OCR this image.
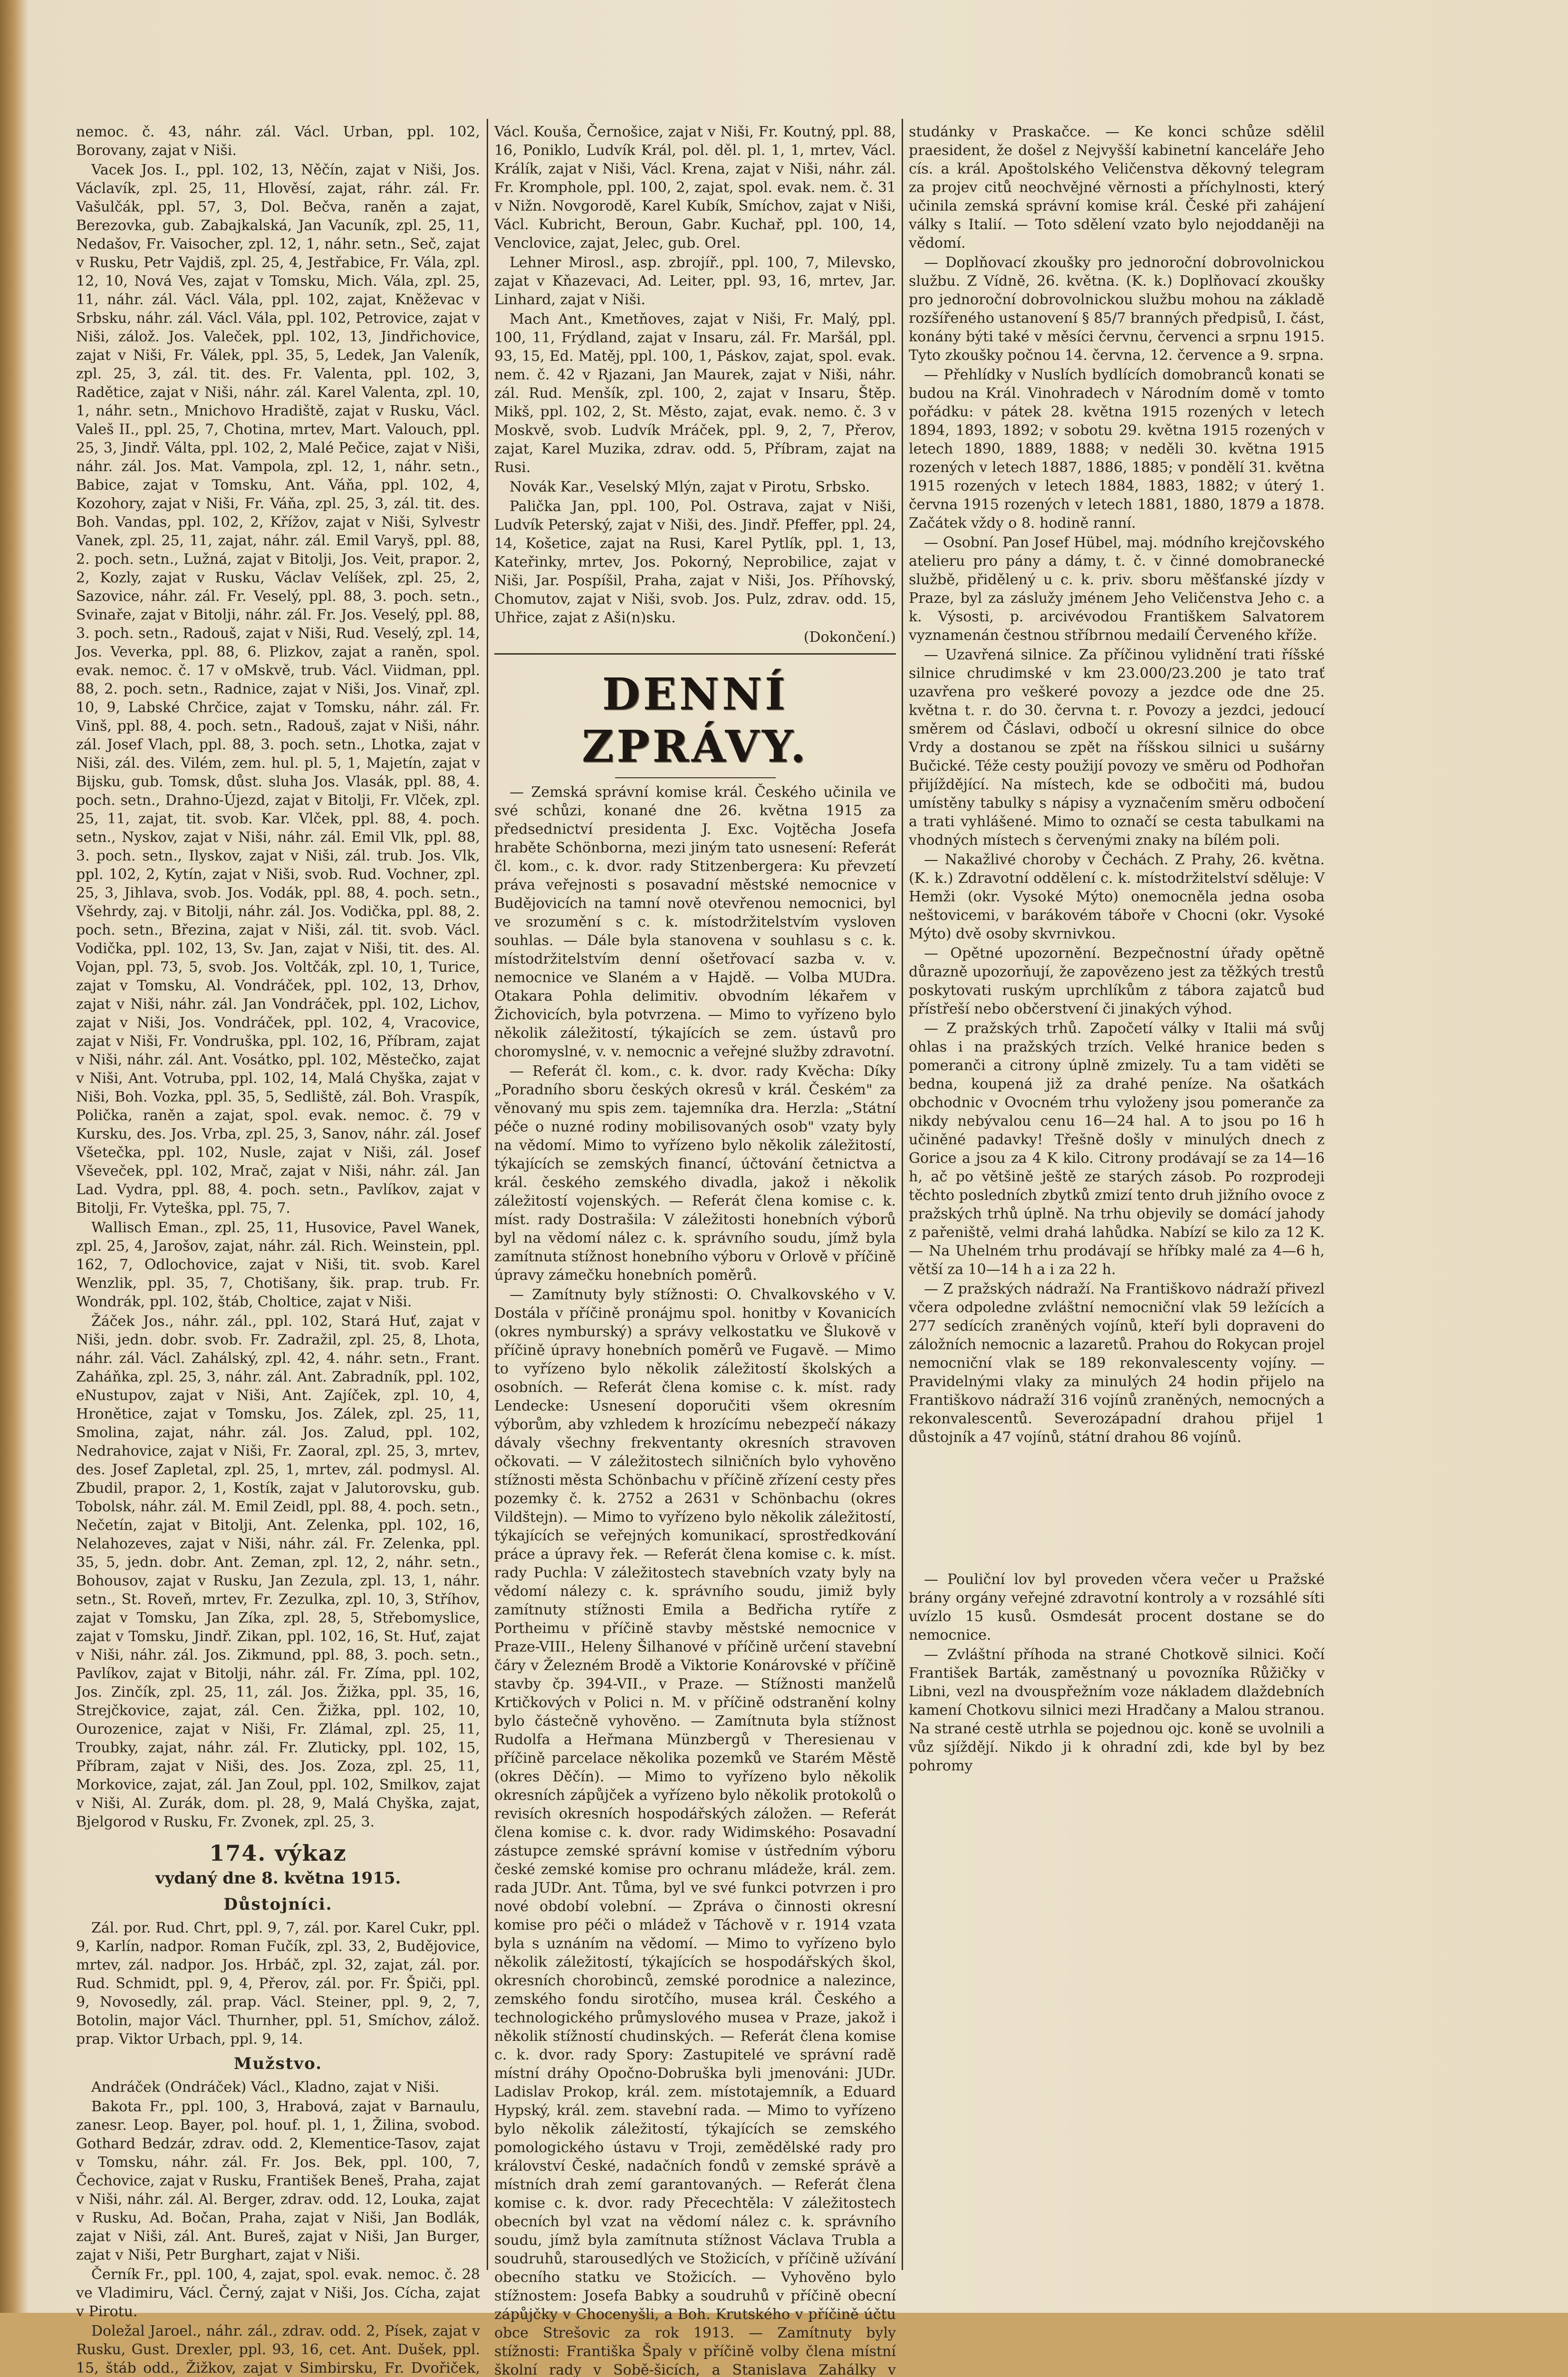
nemoc. č. 43, náhr. zál. Václ. Urban, ppl. 102, Borovany, zajat v Niši.

Vacek Jos. I., ppl. 102, 13, Něčín, zajat v Niši, Jos. Václavík, zpl. 25, 11, Hlověsí, zajat, ráhr. zál. Fr. Vašulčák, ppl. 57, 3, Dol. Bečva, raněn a zajat, Berezovka, gub. Zabajkalská, Jan Vacuník, zpl. 25, 11, Nedašov, Fr. Vaisocher, zpl. 12, 1, náhr. setn., Seč, zajat v Rusku, Petr Vajdiš, zpl. 25, 4, Jestřabice, Fr. Vála, zpl. 12, 10, Nová Ves, zajat v Tomsku, Mich. Vála, zpl. 25, 11, náhr. zál. Václ. Vála, ppl. 102, zajat, Kněževac v Srbsku, náhr. zál. Václ. Vála, ppl. 102, Petrovice, zajat v Niši, zálož. Jos. Valeček, ppl. 102, 13, Jindřichovice, zajat v Niši, Fr. Válek, ppl. 35, 5, Ledek, Jan Valeník, zpl. 25, 3, zál. tit. des. Fr. Valenta, ppl. 102, 3, Radětice, zajat v Niši, náhr. zál. Karel Valenta, zpl. 10, 1, náhr. setn., Mnichovo Hradiště, zajat v Rusku, Václ. Valeš II., ppl. 25, 7, Chotina, mrtev, Mart. Valouch, ppl. 25, 3, Jindř. Válta, ppl. 102, 2, Malé Pečice, zajat v Niši, náhr. zál. Jos. Mat. Vampola, zpl. 12, 1, náhr. setn., Babice, zajat v Tomsku, Ant. Váňa, ppl. 102, 4, Kozohory, zajat v Niši, Fr. Váňa, zpl. 25, 3, zál. tit. des. Boh. Vandas, ppl. 102, 2, Křížov, zajat v Niši, Sylvestr Vanek, zpl. 25, 11, zajat, náhr. zál. Emil Varyš, ppl. 88, 2. poch. setn., Lužná, zajat v Bitolji, Jos. Veit, prapor. 2, 2, Kozly, zajat v Rusku, Václav Velíšek, zpl. 25, 2, Sazovice, náhr. zál. Fr. Veselý, ppl. 88, 3. poch. setn., Svinaře, zajat v Bitolji, náhr. zál. Fr. Jos. Veselý, ppl. 88, 3. poch. setn., Radouš, zajat v Niši, Rud. Veselý, zpl. 14, Jos. Veverka, ppl. 88, 6. Plizkov, zajat a raněn, spol. evak. nemoc. č. 17 v oMskvě, trub. Václ. Viidman, ppl. 88, 2. poch. setn., Radnice, zajat v Niši, Jos. Vinař, zpl. 10, 9, Labské Chrčice, zajat v Tomsku, náhr. zál. Fr. Vinš, ppl. 88, 4. poch. setn., Radouš, zajat v Niši, náhr. zál. Josef Vlach, ppl. 88, 3. poch. setn., Lhotka, zajat v Niši, zál. des. Vilém, zem. hul. pl. 5, 1, Majetín, zajat v Bijsku, gub. Tomsk, důst. sluha Jos. Vlasák, ppl. 88, 4. poch. setn., Drahno-Újezd, zajat v Bitolji, Fr. Vlček, zpl. 25, 11, zajat, tit. svob. Kar. Vlček, ppl. 88, 4. poch. setn., Nyskov, zajat v Niši, náhr. zál. Emil Vlk, ppl. 88, 3. poch. setn., Ilyskov, zajat v Niši, zál. trub. Jos. Vlk, ppl. 102, 2, Kytín, zajat v Niši, svob. Rud. Vochner, zpl. 25, 3, Jihlava, svob. Jos. Vodák, ppl. 88, 4. poch. setn., Všehrdy, zaj. v Bitolji, náhr. zál. Jos. Vodička, ppl. 88, 2. poch. setn., Březina, zajat v Niši, zál. tit. svob. Václ. Vodička, ppl. 102, 13, Sv. Jan, zajat v Niši, tit. des. Al. Vojan, ppl. 73, 5, svob. Jos. Voltčák, zpl. 10, 1, Turice, zajat v Tomsku, Al. Vondráček, ppl. 102, 13, Drhov, zajat v Niši, náhr. zál. Jan Vondráček, ppl. 102, Lichov, zajat v Niši, Jos. Vondráček, ppl. 102, 4, Vracovice, zajat v Niši, Fr. Vondruška, ppl. 102, 16, Příbram, zajat v Niši, náhr. zál. Ant. Vosátko, ppl. 102, Městečko, zajat v Niši, Ant. Votruba, ppl. 102, 14, Malá Chyška, zajat v Niši, Boh. Vozka, ppl. 35, 5, Sedliště, zál. Boh. Vraspík, Polička, raněn a zajat, spol. evak. nemoc. č. 79 v Kursku, des. Jos. Vrba, zpl. 25, 3, Sanov, náhr. zál. Josef Všetečka, ppl. 102, Nusle, zajat v Niši, zál. Josef Vševeček, ppl. 102, Mrač, zajat v Niši, náhr. zál. Jan Lad. Vydra, ppl. 88, 4. poch. setn., Pavlíkov, zajat v Bitolji, Fr. Vyteška, ppl. 75, 7.

Wallisch Eman., zpl. 25, 11, Husovice, Pavel Wanek, zpl. 25, 4, Jarošov, zajat, náhr. zál. Rich. Weinstein, ppl. 162, 7, Odlochovice, zajat v Niši, tit. svob. Karel Wenzlik, ppl. 35, 7, Chotišany, šik. prap. trub. Fr. Wondrák, ppl. 102, štáb, Choltice, zajat v Niši.

Žáček Jos., náhr. zál., ppl. 102, Stará Huť, zajat v Niši, jedn. dobr. svob. Fr. Zadražil, zpl. 25, 8, Lhota, náhr. zál. Václ. Zahálský, zpl. 42, 4. náhr. setn., Frant. Zaháňka, zpl. 25, 3, náhr. zál. Ant. Zabradník, ppl. 102, eNustupov, zajat v Niši, Ant. Zajíček, zpl. 10, 4, Hronětice, zajat v Tomsku, Jos. Zálek, zpl. 25, 11, Smolina, zajat, náhr. zál. Jos. Zalud, ppl. 102, Nedrahovice, zajat v Niši, Fr. Zaoral, zpl. 25, 3, mrtev, des. Josef Zapletal, zpl. 25, 1, mrtev, zál. podmysl. Al. Zbudil, prapor. 2, 1, Kostík, zajat v Jalutorovsku, gub. Tobolsk, náhr. zál. M. Emil Zeidl, ppl. 88, 4. poch. setn., Nečetín, zajat v Bitolji, Ant. Zelenka, ppl. 102, 16, Nelahozeves, zajat v Niši, náhr. zál. Fr. Zelenka, ppl. 35, 5, jedn. dobr. Ant. Zeman, zpl. 12, 2, náhr. setn., Bohousov, zajat v Rusku, Jan Zezula, zpl. 13, 1, náhr. setn., St. Roveň, mrtev, Fr. Zezulka, zpl. 10, 3, Stříhov, zajat v Tomsku, Jan Zíka, zpl. 28, 5, Střebomyslice, zajat v Tomsku, Jindř. Zikan, ppl. 102, 16, St. Huť, zajat v Niši, náhr. zál. Jos. Zikmund, ppl. 88, 3. poch. setn., Pavlíkov, zajat v Bitolji, náhr. zál. Fr. Zíma, ppl. 102, Jos. Zinčík, zpl. 25, 11, zál. Jos. Žižka, ppl. 35, 16, Strejčkovice, zajat, zál. Cen. Žižka, ppl. 102, 10, Ourozenice, zajat v Niši, Fr. Zlámal, zpl. 25, 11, Troubky, zajat, náhr. zál. Fr. Zluticky, ppl. 102, 15, Příbram, zajat v Niši, des. Jos. Zoza, zpl. 25, 11, Morkovice, zajat, zál. Jan Zoul, ppl. 102, Smilkov, zajat v Niši, Al. Zurák, dom. pl. 28, 9, Malá Chyška, zajat, Bjelgorod v Rusku, Fr. Zvonek, zpl. 25, 3.

174. výkaz

vydaný dne 8. května 1915.

Důstojníci.

Zál. por. Rud. Chrt, ppl. 9, 7, zál. por. Karel Cukr, ppl. 9, Karlín, nadpor. Roman Fučík, zpl. 33, 2, Budějovice, mrtev, zál. nadpor. Jos. Hrbáč, zpl. 32, zajat, zál. por. Rud. Schmidt, ppl. 9, 4, Přerov, zál. por. Fr. Špiči, ppl. 9, Novosedly, zál. prap. Václ. Steiner, ppl. 9, 2, 7, Botolin, major Václ. Thurnher, ppl. 51, Smíchov, zálož. prap. Viktor Urbach, ppl. 9, 14.

Mužstvo.

Andráček (Ondráček) Václ., Kladno, zajat v Niši.

Bakota Fr., ppl. 100, 3, Hrabová, zajat v Barnaulu, zanesr. Leop. Bayer, pol. houf. pl. 1, 1, Žilina, svobod. Gothard Bedzár, zdrav. odd. 2, Klementice-Tasov, zajat v Tomsku, náhr. zál. Fr. Jos. Bek, ppl. 100, 7, Čechovice, zajat v Rusku, František Beneš, Praha, zajat v Niši, náhr. zál. Al. Berger, zdrav. odd. 12, Louka, zajat v Rusku, Ad. Bočan, Praha, zajat v Niši, Jan Bodlák, zajat v Niši, zál. Ant. Bureš, zajat v Niši, Jan Burger, zajat v Niši, Petr Burghart, zajat v Niši.

Černík Fr., ppl. 100, 4, zajat, spol. evak. nemoc. č. 28 ve Vladimiru, Václ. Černý, zajat v Niši, Jos. Cícha, zajat v Pirotu.

Doležal Jaroel., náhr. zál., zdrav. odd. 2, Písek, zajat v Rusku, Gust. Drexler, ppl. 93, 16, cet. Ant. Dušek, ppl. 15, štáb odd., Žižkov, zajat v Simbirsku, Fr. Dvořiček,

Václ. Kouša, Černošice, zajat v Niši, Fr. Koutný, ppl. 88, 16, Poniklo, Ludvík Král, pol. děl. pl. 1, 1, mrtev, Václ. Králík, zajat v Niši, Václ. Krena, zajat v Niši, náhr. zál. Fr. Kromphole, ppl. 100, 2, zajat, spol. evak. nem. č. 31 v Nižn. Novgorodě, Karel Kubík, Smíchov, zajat v Niši, Václ. Kubricht, Beroun, Gabr. Kuchař, ppl. 100, 14, Venclovice, zajat, Jelec, gub. Orel.

Lehner Mirosl., asp. zbrojíř., ppl. 100, 7, Milevsko, zajat v Kňazevaci, Ad. Leiter, ppl. 93, 16, mrtev, Jar. Linhard, zajat v Niši.

Mach Ant., Kmetňoves, zajat v Niši, Fr. Malý, ppl. 100, 11, Frýdland, zajat v Insaru, zál. Fr. Maršál, ppl. 93, 15, Ed. Matěj, ppl. 100, 1, Páskov, zajat, spol. evak. nem. č. 42 v Rjazani, Jan Maurek, zajat v Niši, náhr. zál. Rud. Menšík, zpl. 100, 2, zajat v Insaru, Štěp. Mikš, ppl. 102, 2, St. Město, zajat, evak. nemo. č. 3 v Moskvě, svob. Ludvík Mráček, ppl. 9, 2, 7, Přerov, zajat, Karel Muzika, zdrav. odd. 5, Příbram, zajat na Rusi.

Novák Kar., Veselský Mlýn, zajat v Pirotu, Srbsko.

Palička Jan, ppl. 100, Pol. Ostrava, zajat v Niši, Ludvík Peterský, zajat v Niši, des. Jindř. Pfeffer, ppl. 24, 14, Košetice, zajat na Rusi, Karel Pytlík, ppl. 1, 13, Kateřinky, mrtev, Jos. Pokorný, Neprobilice, zajat v Niši, Jar. Pospíšil, Praha, zajat v Niši, Jos. Příhovský, Chomutov, zajat v Niši, svob. Jos. Pulz, zdrav. odd. 15, Uhřice, zajat z Aši(n)sku.

(Dokončení.)

DENNÍ ZPRÁVY.

— Zemská správní komise král. Českého učinila ve své schůzi, konané dne 26. května 1915 za předsednictví presidenta J. Exc. Vojtěcha Josefa hraběte Schönborna, mezi jiným tato usnesení: Referát čl. kom., c. k. dvor. rady Stitzenbergera: Ku převzetí práva veřejnosti s posavadní městské nemocnice v Budějovicích na tamní nově otevřenou nemocnici, byl ve srozumění s c. k. místodržitelstvím vysloven souhlas. — Dále byla stanovena v souhlasu s c. k. místodržitelstvím denní ošetřovací sazba v. v. nemocnice ve Slaném a v Hajdě. — Volba MUDra. Otakara Pohla delimitiv. obvodním lékařem v Žichovicích, byla potvrzena. — Mimo to vyřízeno bylo několik záležitostí, týkajících se zem. ústavů pro choromyslné, v. v. nemocnic a veřejné služby zdravotní.

— Referát čl. kom., c. k. dvor. rady Kvěcha: Díky „Poradního sboru českých okresů v král. Českém" za věnovaný mu spis zem. tajemníka dra. Herzla: „Státní péče o nuzné rodiny mobilisovaných osob" vzaty byly na vědomí. Mimo to vyřízeno bylo několik záležitostí, týkajících se zemských financí, účtování četnictva a král. českého zemského divadla, jakož i několik záležitostí vojenských. — Referát člena komise c. k. míst. rady Dostrašila: V záležitosti honebních výborů byl na vědomí nález c. k. správního soudu, jímž byla zamítnuta stížnost honebního výboru v Orlově v příčině úpravy zámečku honebních poměrů.

— Zamítnuty byly stížnosti: O. Chvalkovského v V. Dostála v příčině pronájmu spol. honitby v Kovanicích (okres nymburský) a správy velkostatku ve Šlukově v příčině úpravy honebních poměrů ve Fugavě. — Mimo to vyřízeno bylo několik záležitostí školských a osobních. — Referát člena komise c. k. míst. rady Lendecke: Usnesení doporučiti všem okresním výborům, aby vzhledem k hrozícímu nebezpečí nákazy dávaly všechny frekventanty okresních stravoven očkovati. — V záležitostech silničních bylo vyhověno stížnosti města Schönbachu v příčině zřízení cesty přes pozemky č. k. 2752 a 2631 v Schönbachu (okres Vildštejn). — Mimo to vyřízeno bylo několik záležitostí, týkajících se veřejných komunikací, sprostředkování práce a úpravy řek. — Referát člena komise c. k. míst. rady Puchla: V záležitostech stavebních vzaty byly na vědomí nálezy c. k. správního soudu, jimiž byly zamítnuty stížnosti Emila a Bedřicha rytíře z Portheimu v příčině stavby městské nemocnice v Praze-VIII., Heleny Šilhanové v příčině určení stavební čáry v Železném Brodě a Viktorie Konárovské v příčině stavby čp. 394-VII., v Praze. — Stížnosti manželů Krtičkových v Polici n. M. v příčině odstranění kolny bylo částečně vyhověno. — Zamítnuta byla stížnost Rudolfa a Heřmana Münzbergů v Theresienau v příčině parcelace několika pozemků ve Starém Městě (okres Děčín). — Mimo to vyřízeno bylo několik okresních zápůjček a vyřízeno bylo několik protokolů o revisích okresních hospodářských záložen. — Referát člena komise c. k. dvor. rady Widimského: Posavadní zástupce zemské správní komise v ústředním výboru české zemské komise pro ochranu mládeže, král. zem. rada JUDr. Ant. Tůma, byl ve své funkci potvrzen i pro nové období volební. — Zpráva o činnosti okresní komise pro péči o mládež v Táchově v r. 1914 vzata byla s uznáním na vědomí. — Mimo to vyřízeno bylo několik záležitostí, týkajících se hospodářských škol, okresních chorobinců, zemské porodnice a nalezince, zemského fondu sirotčího, musea král. Českého a technologického průmyslového musea v Praze, jakož i několik stížností chudinských. — Referát člena komise c. k. dvor. rady Spory: Zastupitelé ve správní radě místní dráhy Opočno-Dobruška byli jmenováni: JUDr. Ladislav Prokop, král. zem. místotajemník, a Eduard Hypský, král. zem. stavební rada. — Mimo to vyřízeno bylo několik záležitostí, týkajících se zemského pomologického ústavu v Troji, zemědělské rady pro království České, nadačních fondů v zemské správě a místních drah zemí garantovaných. — Referát člena komise c. k. dvor. rady Přecechtěla: V záležitostech obecních byl vzat na vědomí nález c. k. správního soudu, jímž byla zamítnuta stížnost Václava Trubla a soudruhů, starousedlých ve Stožicích, v příčině užívání obecního statku ve Stožicích. — Vyhověno bylo stížnostem: Josefa Babky a soudruhů v příčině obecní zápůjčky v Chocenyšli, a Boh. Krutského v příčině účtu obce Strešovic za rok 1913. — Zamítnuty byly stížnosti: Františka Špaly v příčině volby člena místní školní rady v Sobě-šicích, a Stanislava Zahálky v

studánky v Praskačce. — Ke konci schůze sdělil praesident, že došel z Nejvyšší kabinetní kanceláře Jeho cís. a král. Apoštolského Veličenstva děkovný telegram za projev citů neochvějné věrnosti a příchylnosti, který učinila zemská správní komise král. České při zahájení války s Italií. — Toto sdělení vzato bylo nejoddaněji na vědomí.

— Doplňovací zkoušky pro jednoroční dobrovolnickou službu. Z Vídně, 26. května. (K. k.) Doplňovací zkoušky pro jednoroční dobrovolnickou službu mohou na základě rozšířeného ustanovení § 85/7 branných předpisů, I. část, konány býti také v měsíci červnu, červenci a srpnu 1915. Tyto zkoušky počnou 14. června, 12. července a 9. srpna.

— Přehlídky v Nuslích bydlících domobranců konati se budou na Král. Vinohradech v Národním domě v tomto pořádku: v pátek 28. května 1915 rozených v letech 1894, 1893, 1892; v sobotu 29. května 1915 rozených v letech 1890, 1889, 1888; v neděli 30. května 1915 rozených v letech 1887, 1886, 1885; v pondělí 31. května 1915 rozených v letech 1884, 1883, 1882; v úterý 1. června 1915 rozených v letech 1881, 1880, 1879 a 1878. Začátek vždy o 8. hodině ranní.

— Osobní. Pan Josef Hübel, maj. módního krejčovského atelieru pro pány a dámy, t. č. v činné domobranecké službě, přidělený u c. k. priv. sboru měšťanské jízdy v Praze, byl za záslužy jménem Jeho Veličenstva Jeho c. a k. Výsosti, p. arcivévodou Františkem Salvatorem vyznamenán čestnou stříbrnou medailí Červeného kříže.

— Uzavřená silnice. Za příčinou vylidnění trati říšské silnice chrudimské v km 23.000/23.200 je tato trať uzavřena pro veškeré povozy a jezdce ode dne 25. května t. r. do 30. června t. r. Povozy a jezdci, jedoucí směrem od Čáslavi, odbočí u okresní silnice do obce Vrdy a dostanou se zpět na říšskou silnici u sušárny Bučické. Téže cesty použijí povozy ve směru od Podhořan přijíždějící. Na místech, kde se odbočiti má, budou umístěny tabulky s nápisy a vyznačením směru odbočení a trati vyhlášené. Mimo to označí se cesta tabulkami na vhodných místech s červenými znaky na bílém poli.

— Nakažlivé choroby v Čechách. Z Prahy, 26. května. (K. k.) Zdravotní oddělení c. k. místodržitelství sděluje: V Hemži (okr. Vysoké Mýto) onemocněla jedna osoba neštovicemi, v barákovém táboře v Chocni (okr. Vysoké Mýto) dvě osoby skvrnivkou.

— Opětné upozornění. Bezpečnostní úřady opětně důrazně upozorňují, že zapovězeno jest za těžkých trestů poskytovati ruským uprchlíkům z tábora zajatců bud přístřeší nebo občerstvení či jinakých výhod.

— Z pražských trhů. Započetí války v Italii má svůj ohlas i na pražských trzích. Velké hranice beden s pomeranči a citrony úplně zmizely. Tu a tam viděti se bedna, koupená již za drahé peníze. Na ošatkách obchodnic v Ovocném trhu vyloženy jsou pomeranče za nikdy nebývalou cenu 16—24 hal. A to jsou po 16 h učiněné padavky! Třešně došly v minulých dnech z Gorice a jsou za 4 K kilo. Citrony prodávají se za 14—16 h, ač po většině ještě ze starých zásob. Po rozprodeji těchto posledních zbytků zmizí tento druh jižního ovoce z pražských trhů úplně. Na trhu objevily se domácí jahody z pařeniště, velmi drahá lahůdka. Nabízí se kilo za 12 K. — Na Uhelném trhu prodávají se hříbky malé za 4—6 h, větší za 10—14 h a i za 22 h.

— Z pražských nádraží. Na Františkovo nádraží přivezl včera odpoledne zvláštní nemocniční vlak 59 ležících a 277 sedících zraněných vojínů, kteří byli dopraveni do záložních nemocnic a lazaretů. Prahou do Rokycan projel nemocniční vlak se 189 rekonvalescenty vojíny. — Pravidelnými vlaky za minulých 24 hodin přijelo na Františkovo nádraží 316 vojínů zraněných, nemocných a rekonvalescentů. Severozápadní drahou přijel 1 důstojník a 47 vojínů, státní drahou 86 vojínů.

— Pouliční lov byl proveden včera večer u Pražské brány orgány veřejné zdravotní kontroly a v rozsáhlé síti uvízlo 15 kusů. Osmdesát procent dostane se do nemocnice.

— Zvláštní příhoda na strané Chotkově silnici. Kočí František Barták, zaměstnaný u povozníka Růžičky v Libni, vezl na dvouspřežním voze nákladem dlaždebních kamení Chotkovu silnici mezi Hradčany a Malou stranou. Na strané cestě utrhla se pojednou ojc. koně se uvolnili a vůz sjíždějí. Nikdo ji k ohradní zdi, kde byl by bez pohromy
